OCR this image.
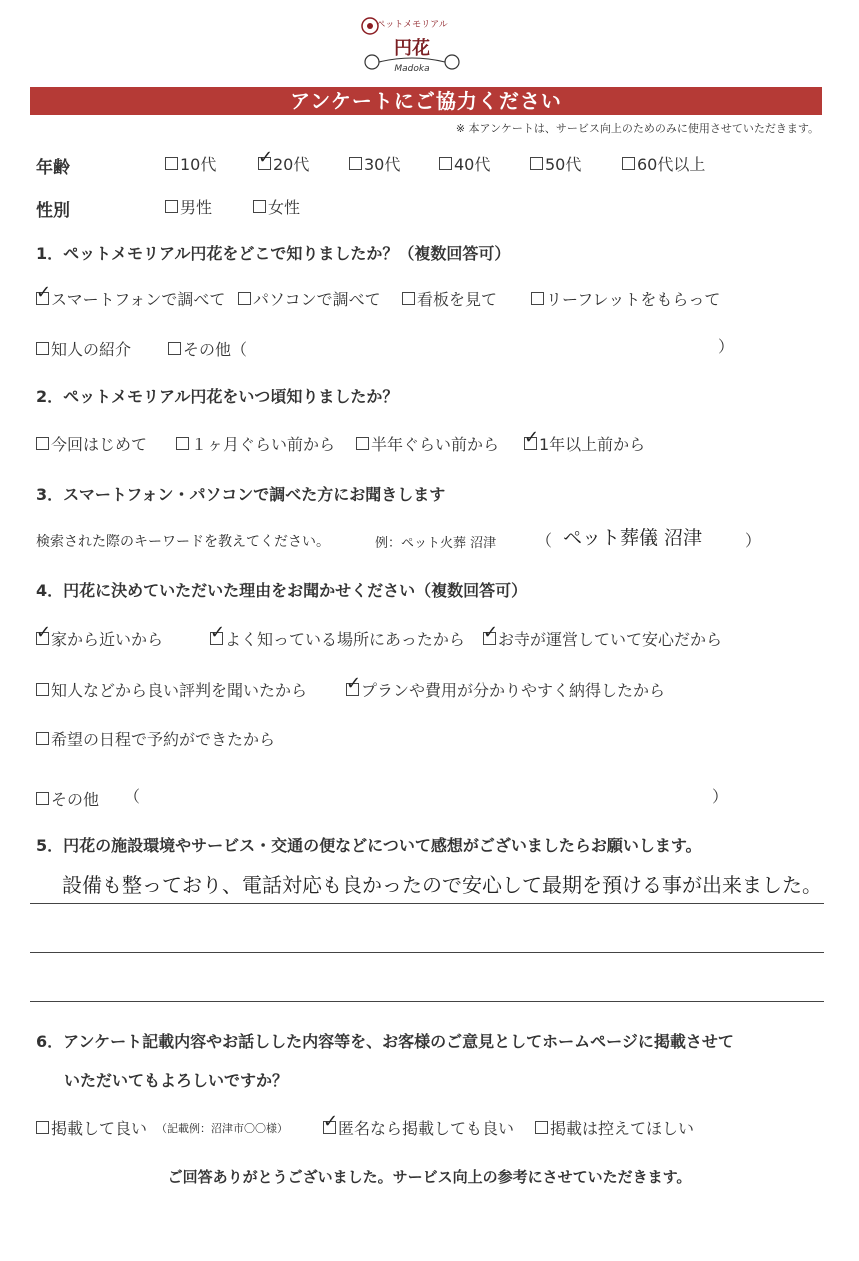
ペットメモリアル
円花
Madoka
アンケートにご協力ください
※ 本アンケートは、サービス向上のためのみに使用させていただきます。
年齢	10代 ✓ 20代	30代	40代	50代	60代以上
性別	男性	女性
1．ペットメモリアル円花をどこで知りましたか？（複数回答可）
✓ スマートフォンで調べて パソコンで調べて 看板を見て	リーフレットをもらって
知人の紹介	その他（	）
2．ペットメモリアル円花をいつ頃知りましたか？
今回はじめて	１ヶ月ぐらい前から 半年ぐらい前から ✓ 1年以上前から
3．スマートフォン・パソコンで調べた方にお聞きします
検索された際のキーワードを教えてください。	例：ペット火葬 沼津 （ ペット葬儀 沼津	）
4．円花に決めていただいた理由をお聞かせください（複数回答可）
✓ 家から近いから	✓ よく知っている場所にあったから ✓ お寺が運営していて安心だから
知人などから良い評判を聞いたから ✓ プランや費用が分かりやすく納得したから
希望の日程で予約ができたから
その他 （	）
5．円花の施設環境やサービス・交通の便などについて感想がございましたらお願いします。
設備も整っており、電話対応も良かったので安心して最期を預ける事が出来ました。
6．アンケート記載内容やお話しした内容等を、お客様のご意見としてホームページに掲載させて
いただいてもよろしいですか？
掲載して良い （記載例：沼津市〇〇様） ✓ 匿名なら掲載しても良い 掲載は控えてほしい
ご回答ありがとうございました。サービス向上の参考にさせていただきます。
